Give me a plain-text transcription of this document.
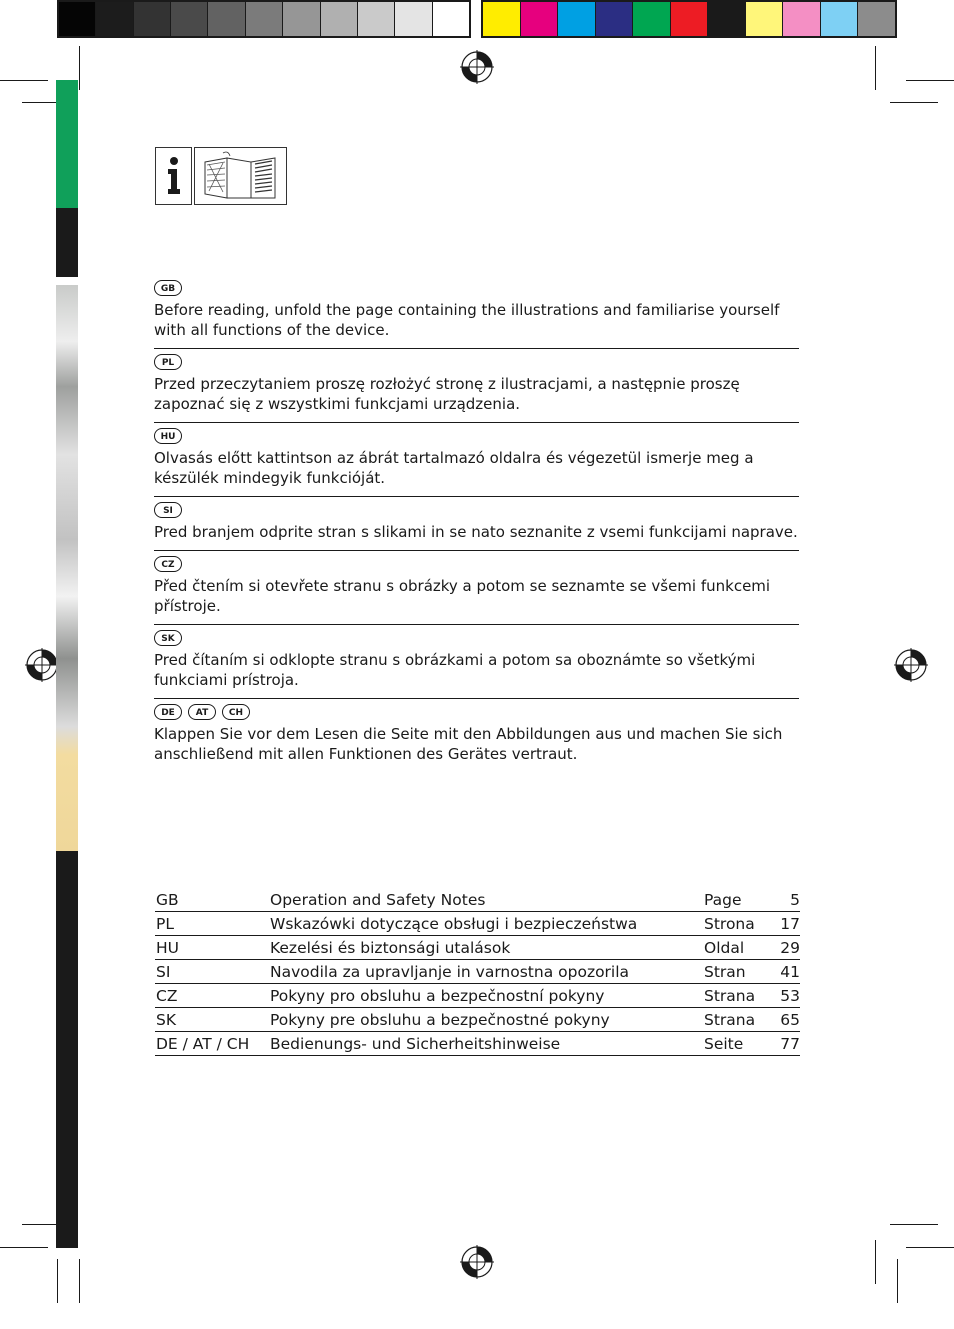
GB
Before reading, unfold the page containing the illustrations and familiarise yourself with all functions of the device.
PL
Przed przeczytaniem proszę rozłożyć stronę z ilustracjami, a następnie proszę zapoznać się z wszystkimi funkcjami urządzenia.
HU
Olvasás előtt kattintson az ábrát tartalmazó oldalra és végezetül ismerje meg a készülék mindegyik funkcióját.
SI
Pred branjem odprite stran s slikami in se nato seznanite z vsemi funkcijami naprave.
CZ
Před čtením si otevřete stranu s obrázky a potom se seznamte se všemi funkcemi přístroje.
SK
Pred čítaním si odklopte stranu s obrázkami a potom sa oboznámte so všetkými funkciami prístroja.
DE	AT	CH
Klappen Sie vor dem Lesen die Seite mit den Abbildungen aus und machen Sie sich anschließend mit allen Funktionen des Gerätes vertraut.
GB	Operation and Safety Notes	Page	5
PL	Wskazówki dotyczące obsługi i bezpieczeństwa	Strona	17
HU	Kezelési és biztonsági utalások	Oldal	29
SI	Navodila za upravljanje in varnostna opozorila	Stran	41
CZ	Pokyny pro obsluhu a bezpečnostní pokyny	Strana	53
SK	Pokyny pre obsluhu a bezpečnostné pokyny	Strana	65
DE / AT / CH	Bedienungs- und Sicherheitshinweise	Seite	77
